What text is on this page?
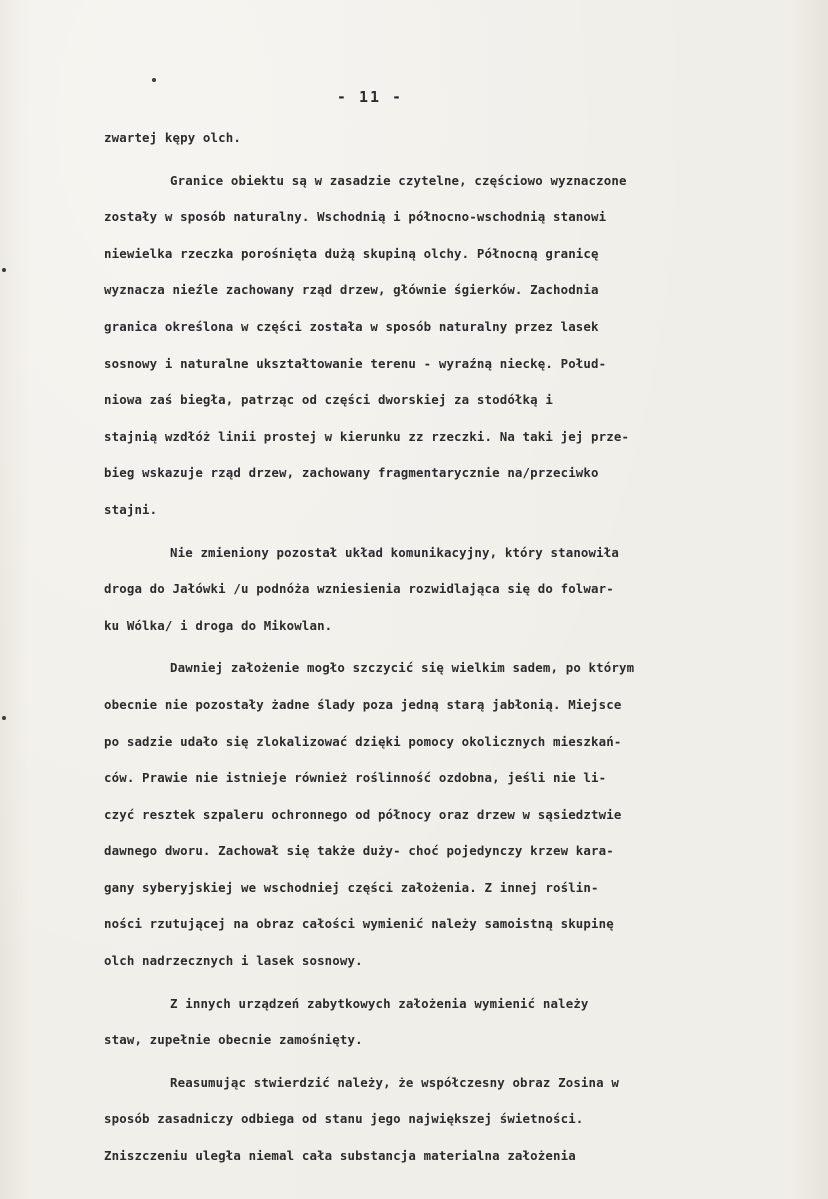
- 11 -
zwartej kępy olch.
Granice obiektu są w zasadzie czytelne, częściowo wyznaczone
zostały w sposób naturalny. Wschodnią i północno-wschodnią stanowi
niewielka rzeczka porośnięta dużą skupiną olchy. Północną granicę
wyznacza nieźle zachowany rząd drzew, głównie śgierków. Zachodnia
granica określona w części została w sposób naturalny przez lasek
sosnowy i naturalne ukształtowanie terenu - wyraźną nieckę. Połud-
niowa zaś biegła, patrząc od części dworskiej za stodółką i
stajnią wzdłóż linii prostej w kierunku zz rzeczki. Na taki jej prze-
bieg wskazuje rząd drzew, zachowany fragmentarycznie na/przeciwko
stajni.
Nie zmieniony pozostał układ komunikacyjny, który stanowiła
droga do Jałówki /u podnóża wzniesienia rozwidlająca się do folwar-
ku Wólka/ i droga do Mikowlan.
Dawniej założenie mogło szczycić się wielkim sadem, po którym
obecnie nie pozostały żadne ślady poza jedną starą jabłonią. Miejsce
po sadzie udało się zlokalizować dzięki pomocy okolicznych mieszkań-
ców. Prawie nie istnieje również roślinność ozdobna, jeśli nie li-
czyć resztek szpaleru ochronnego od północy oraz drzew w sąsiedztwie
dawnego dworu. Zachował się także duży- choć pojedynczy krzew kara-
gany syberyjskiej we wschodniej części założenia. Z innej roślin-
ności rzutującej na obraz całości wymienić należy samoistną skupinę
olch nadrzecznych i lasek sosnowy.
Z innych urządzeń zabytkowych założenia wymienić należy
staw, zupełnie obecnie zamośnięty.
Reasumując stwierdzić należy, że współczesny obraz Zosina w
sposób zasadniczy odbiega od stanu jego największej świetności.
Zniszczeniu uległa niemal cała substancja materialna założenia
